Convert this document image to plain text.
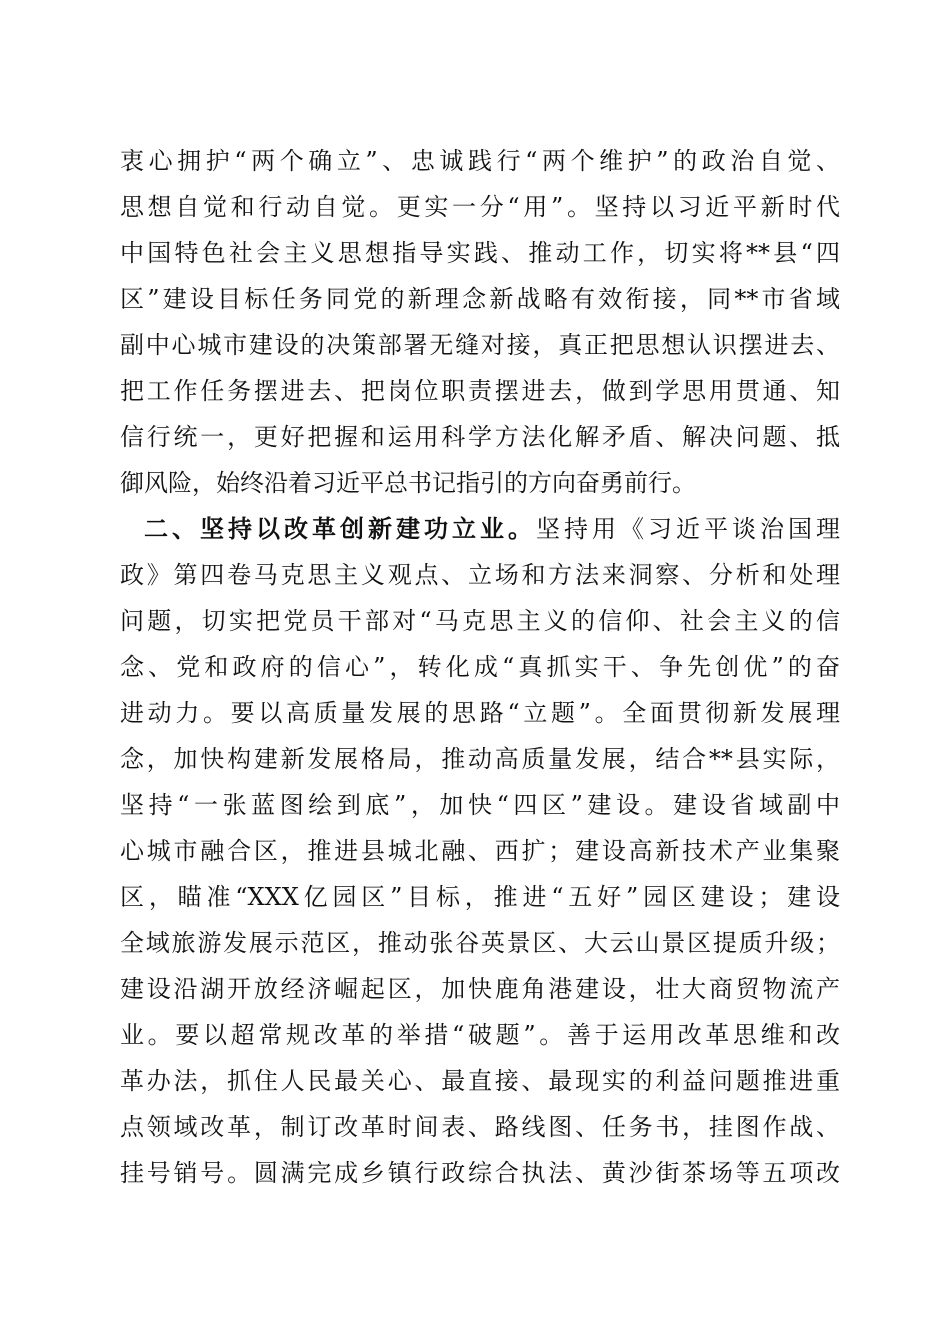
衷心拥护“两个确立”、忠诚践行“两个维护”的政治自觉、
思想自觉和行动自觉。更实一分“用”。坚持以习近平新时代
中国特色社会主义思想指导实践、推动工作，切实将**县“四
区”建设目标任务同党的新理念新战略有效衔接，同**市省域
副中心城市建设的决策部署无缝对接，真正把思想认识摆进去、
把工作任务摆进去、把岗位职责摆进去，做到学思用贯通、知
信行统一，更好把握和运用科学方法化解矛盾、解决问题、抵
御风险，始终沿着习近平总书记指引的方向奋勇前行。
二、坚持以改革创新建功立业。坚持用《习近平谈治国理
政》第四卷马克思主义观点、立场和方法来洞察、分析和处理
问题，切实把党员干部对“马克思主义的信仰、社会主义的信
念、党和政府的信心”，转化成“真抓实干、争先创优”的奋
进动力。要以高质量发展的思路“立题”。全面贯彻新发展理
念，加快构建新发展格局，推动高质量发展，结合**县实际，
坚持“一张蓝图绘到底”，加快“四区”建设。建设省域副中
心城市融合区，推进县城北融、西扩；建设高新技术产业集聚
区，瞄准“XXX亿园区”目标，推进“五好”园区建设；建设
全域旅游发展示范区，推动张谷英景区、大云山景区提质升级；
建设沿湖开放经济崛起区，加快鹿角港建设，壮大商贸物流产
业。要以超常规改革的举措“破题”。善于运用改革思维和改
革办法，抓住人民最关心、最直接、最现实的利益问题推进重
点领域改革，制订改革时间表、路线图、任务书，挂图作战、
挂号销号。圆满完成乡镇行政综合执法、黄沙街茶场等五项改
